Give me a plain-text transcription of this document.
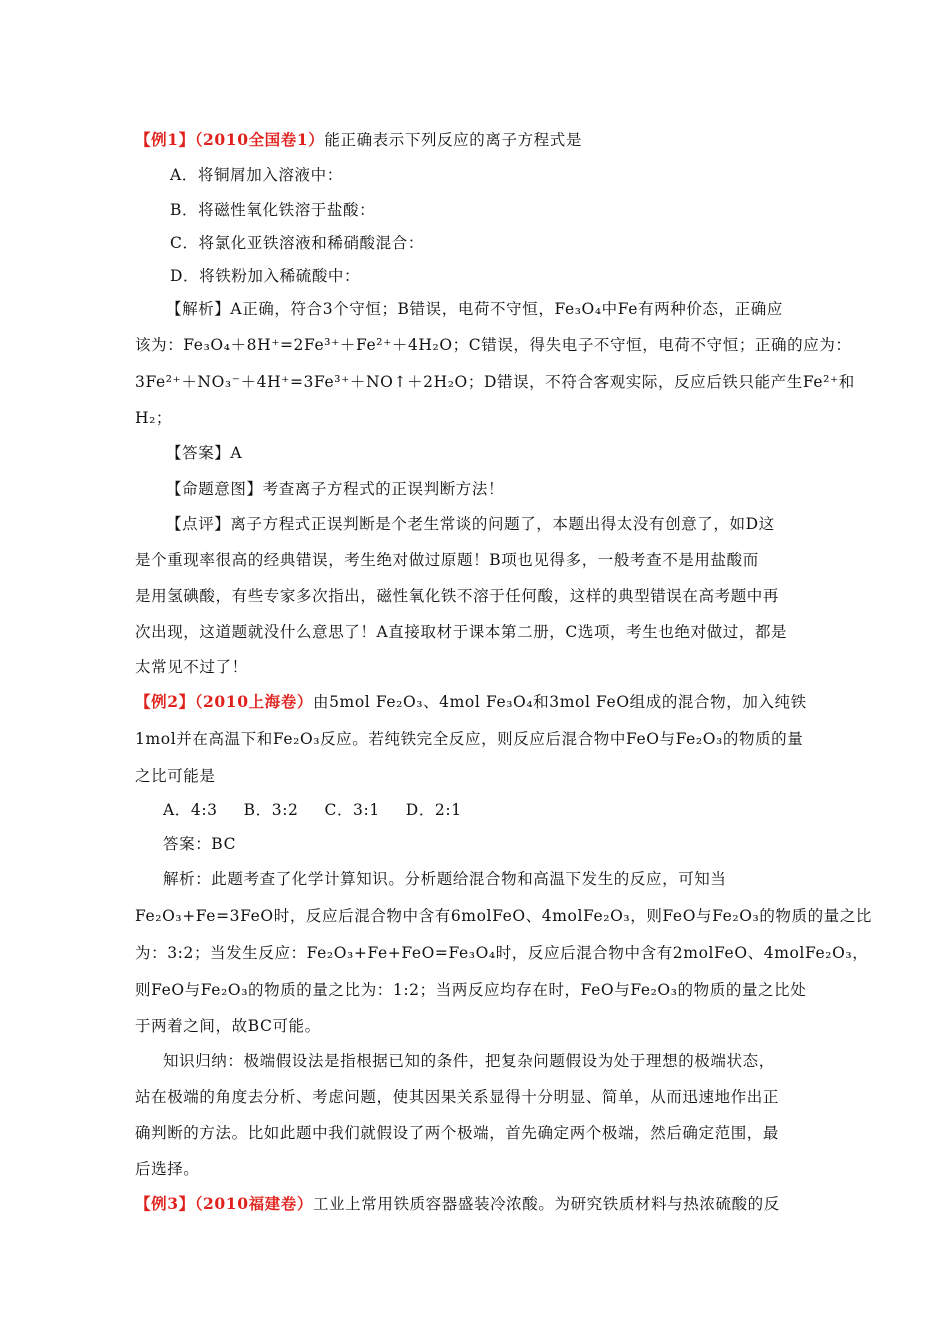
【例1】（2010全国卷1）能正确表示下列反应的离子方程式是
A．将铜屑加入溶液中：
B．将磁性氧化铁溶于盐酸：
C．将氯化亚铁溶液和稀硝酸混合：
D．将铁粉加入稀硫酸中：
【解析】A正确，符合3个守恒；B错误，电荷不守恒，Fe₃O₄中Fe有两种价态，正确应
该为：Fe₃O₄＋8H⁺=2Fe³⁺＋Fe²⁺＋4H₂O；C错误，得失电子不守恒，电荷不守恒；正确的应为：
3Fe²⁺＋NO₃⁻＋4H⁺=3Fe³⁺＋NO↑＋2H₂O；D错误，不符合客观实际，反应后铁只能产生Fe²⁺和
H₂；
【答案】A
【命题意图】考查离子方程式的正误判断方法！
【点评】离子方程式正误判断是个老生常谈的问题了，本题出得太没有创意了，如D这
是个重现率很高的经典错误，考生绝对做过原题！B项也见得多，一般考查不是用盐酸而
是用氢碘酸，有些专家多次指出，磁性氧化铁不溶于任何酸，这样的典型错误在高考题中再
次出现，这道题就没什么意思了！A直接取材于课本第二册，C选项，考生也绝对做过，都是
太常见不过了！
【例2】（2010上海卷）由5mol Fe₂O₃、4mol Fe₃O₄和3mol FeO组成的混合物，加入纯铁
1mol并在高温下和Fe₂O₃反应。若纯铁完全反应，则反应后混合物中FeO与Fe₂O₃的物质的量
之比可能是
A．4:3 B．3:2 C．3:1 D．2:1
答案：BC
解析：此题考查了化学计算知识。分析题给混合物和高温下发生的反应，可知当
Fe₂O₃+Fe=3FeO时，反应后混合物中含有6molFeO、4molFe₂O₃，则FeO与Fe₂O₃的物质的量之比
为：3:2；当发生反应：Fe₂O₃+Fe+FeO=Fe₃O₄时，反应后混合物中含有2molFeO、4molFe₂O₃，
则FeO与Fe₂O₃的物质的量之比为：1:2；当两反应均存在时，FeO与Fe₂O₃的物质的量之比处
于两着之间，故BC可能。
知识归纳：极端假设法是指根据已知的条件，把复杂问题假设为处于理想的极端状态，
站在极端的角度去分析、考虑问题，使其因果关系显得十分明显、简单，从而迅速地作出正
确判断的方法。比如此题中我们就假设了两个极端，首先确定两个极端，然后确定范围，最
后选择。
【例3】（2010福建卷）工业上常用铁质容器盛装冷浓酸。为研究铁质材料与热浓硫酸的反
